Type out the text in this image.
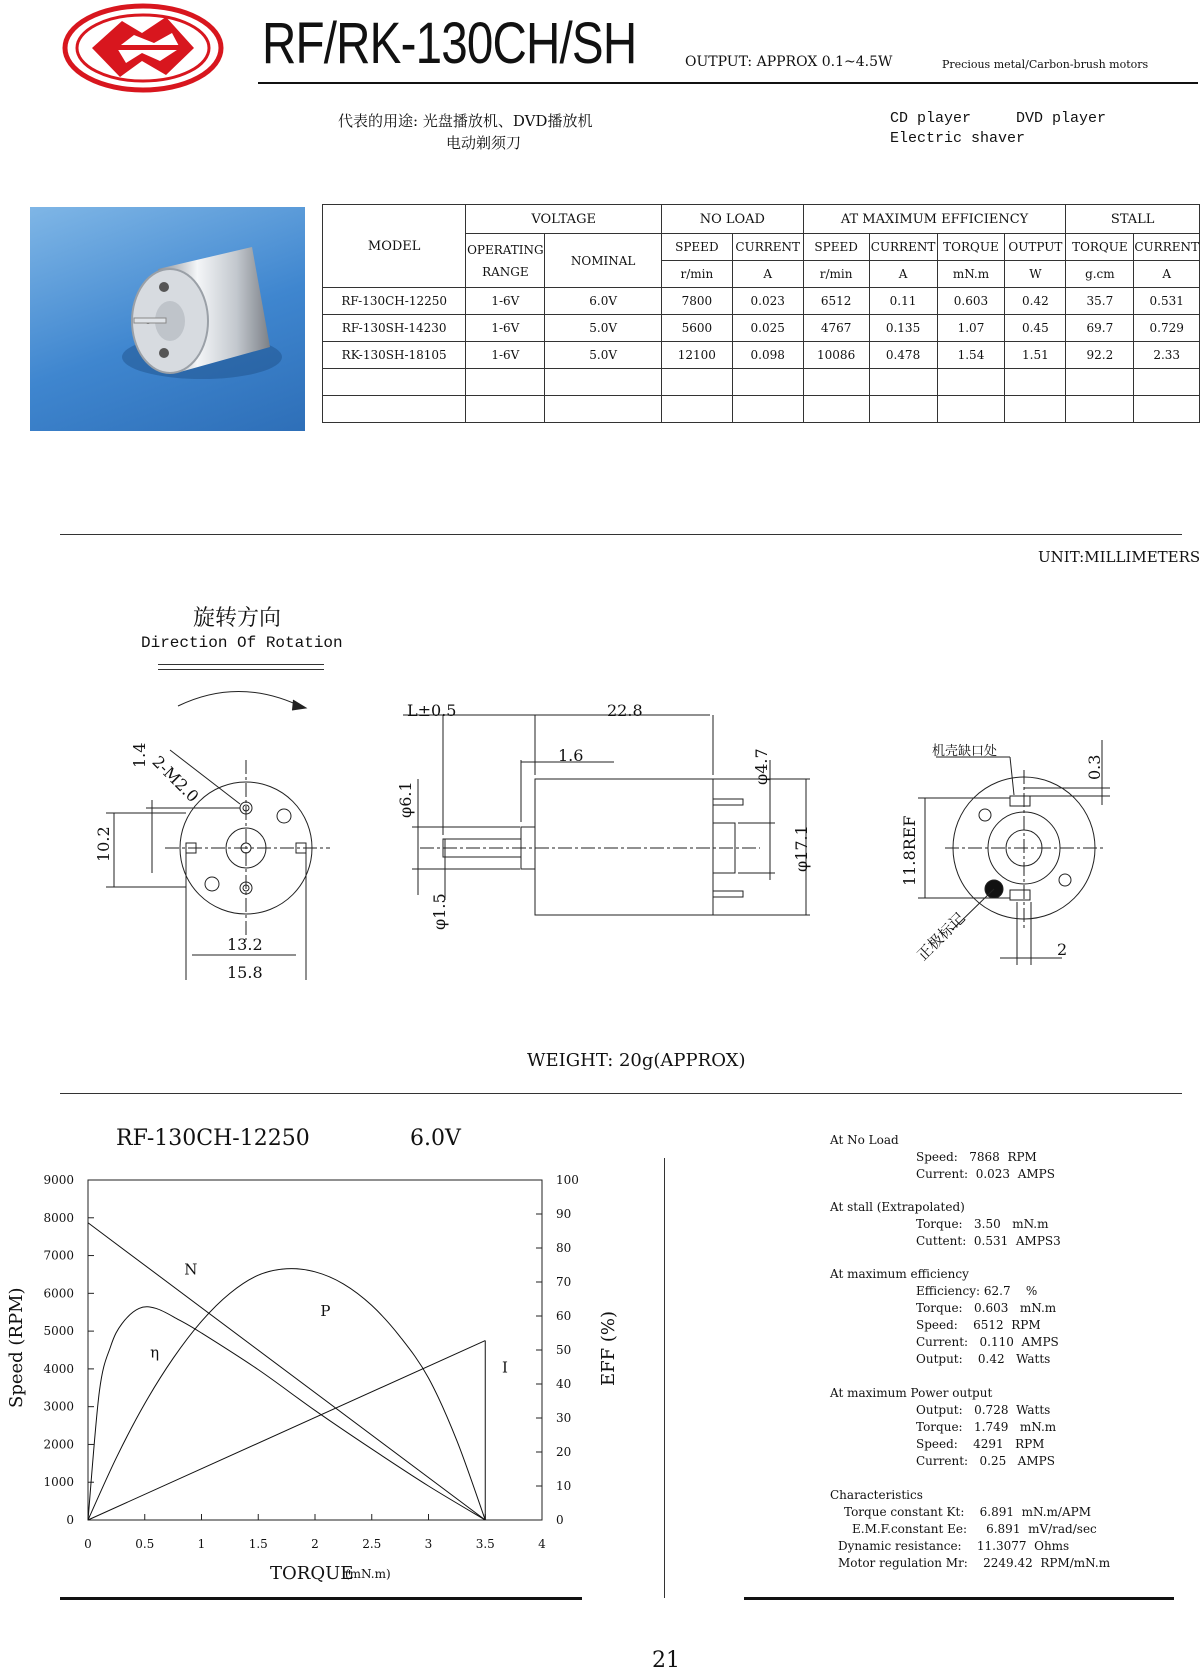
RF/RK-130CH/SH	OUTPUT: APPROX 0.1~4.5W	Precious metal/Carbon-brush motors
代表的用途: 光盘播放机、DVD播放机
电动剃须刀
CD player     DVD player
Electric shaver
MODEL	VOLTAGE		NO LOAD		AT MAXIMUM EFFICIENCY				STALL	
	OPERATING RANGE	NOMINAL	SPEED	CURRENT	SPEED	CURRENT	TORQUE	OUTPUT	TORQUE	CURRENT
			r/min	A	r/min	A	mN.m	W	g.cm	A
RF-130CH-12250	1-6V	6.0V	7800	0.023	6512	0.11	0.603	0.42	35.7	0.531
RF-130SH-14230	1-6V	5.0V	5600	0.025	4767	0.135	1.07	0.45	69.7	0.729
RK-130SH-18105	1-6V	5.0V	12100	0.098	10086	0.478	1.54	1.51	92.2	2.33

UNIT:MILLIMETERS
旋转方向
Direction Of Rotation
1.4 2-M2.0
10.2
13.2
15.8
L±0.5	22.8
1.6
φ6.1
φ1.5
φ4.7
φ17.1
机壳缺口处
0.3
11.8REF
正极标记	2
WEIGHT: 20g(APPROX)
RF-130CH-12250	6.0V
Speed (RPM)	EFF (%)
TORQUE
(mN.m)
0
1000
2000
3000
4000
5000
6000
7000
8000
9000
0
10
20
30
40
50
60
70
80
90
100
0	0.5	1	1.5	2	2.5	3	3.5	4
N
I
P
η
At No Load
Speed:   7868  RPM
Current:  0.023  AMPS
At stall (Extrapolated)
Torque:   3.50   mN.m
Cuttent:  0.531  AMPS3
At maximum efficiency
Efficiency: 62.7    %
Torque:   0.603   mN.m
Speed:    6512  RPM
Current:   0.110  AMPS
Output:    0.42   Watts
At maximum Power output
Output:   0.728  Watts
Torque:   1.749   mN.m
Speed:    4291   RPM
Current:   0.25   AMPS
Characteristics
Torque constant Kt:    6.891  mN.m/APM
E.M.F.constant Ee:     6.891  mV/rad/sec
Dynamic resistance:    11.3077  Ohms
Motor regulation Mr:    2249.42  RPM/mN.m
21
